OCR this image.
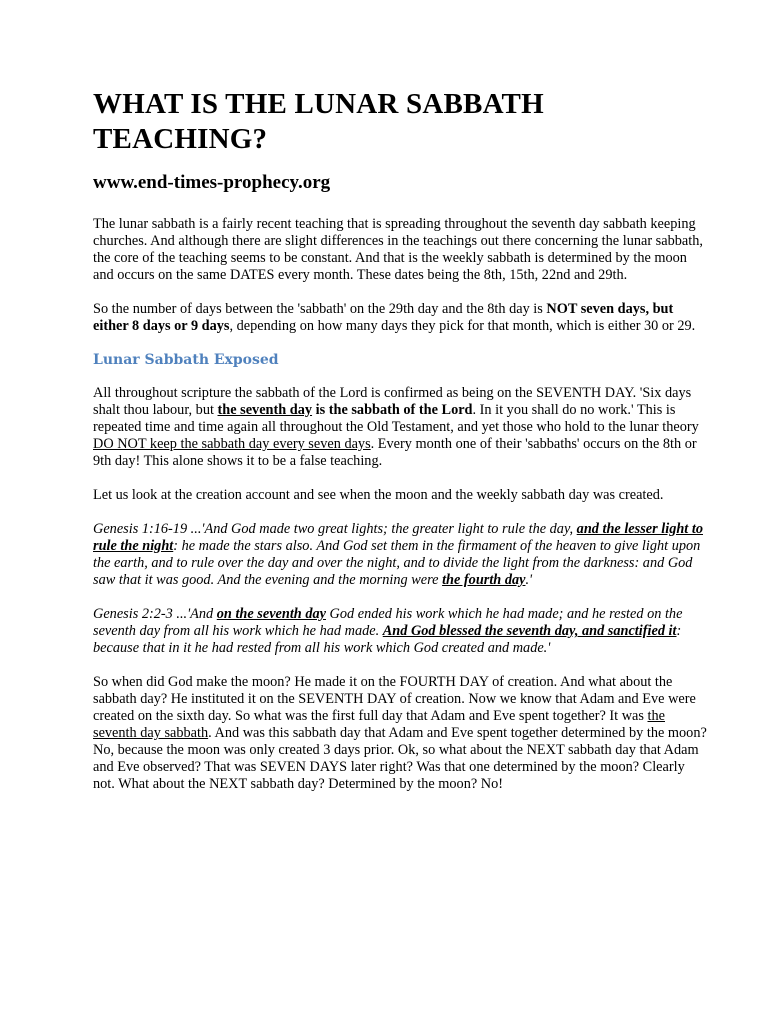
WHAT IS THE LUNAR SABBATH TEACHING?
www.end-times-prophecy.org

The lunar sabbath is a fairly recent teaching that is spreading throughout the seventh day sabbath keeping churches. And although there are slight differences in the teachings out there concerning the lunar sabbath, the core of the teaching seems to be constant. And that is the weekly sabbath is determined by the moon and occurs on the same DATES every month. These dates being the 8th, 15th, 22nd and 29th.

So the number of days between the 'sabbath' on the 29th day and the 8th day is NOT seven days, but either 8 days or 9 days, depending on how many days they pick for that month, which is either 30 or 29.

Lunar Sabbath Exposed

All throughout scripture the sabbath of the Lord is confirmed as being on the SEVENTH DAY. 'Six days shalt thou labour, but the seventh day is the sabbath of the Lord. In it you shall do no work.' This is repeated time and time again all throughout the Old Testament, and yet those who hold to the lunar theory DO NOT keep the sabbath day every seven days. Every month one of their 'sabbaths' occurs on the 8th or 9th day! This alone shows it to be a false teaching.

Let us look at the creation account and see when the moon and the weekly sabbath day was created.

Genesis 1:16-19 ...'And God made two great lights; the greater light to rule the day, and the lesser light to rule the night: he made the stars also. And God set them in the firmament of the heaven to give light upon the earth, and to rule over the day and over the night, and to divide the light from the darkness: and God saw that it was good. And the evening and the morning were the fourth day.'

Genesis 2:2-3 ...'And on the seventh day God ended his work which he had made; and he rested on the seventh day from all his work which he had made. And God blessed the seventh day, and sanctified it: because that in it he had rested from all his work which God created and made.'

So when did God make the moon? He made it on the FOURTH DAY of creation. And what about the sabbath day? He instituted it on the SEVENTH DAY of creation. Now we know that Adam and Eve were created on the sixth day. So what was the first full day that Adam and Eve spent together? It was the seventh day sabbath. And was this sabbath day that Adam and Eve spent together determined by the moon? No, because the moon was only created 3 days prior. Ok, so what about the NEXT sabbath day that Adam and Eve observed? That was SEVEN DAYS later right? Was that one determined by the moon? Clearly not. What about the NEXT sabbath day? Determined by the moon? No!
